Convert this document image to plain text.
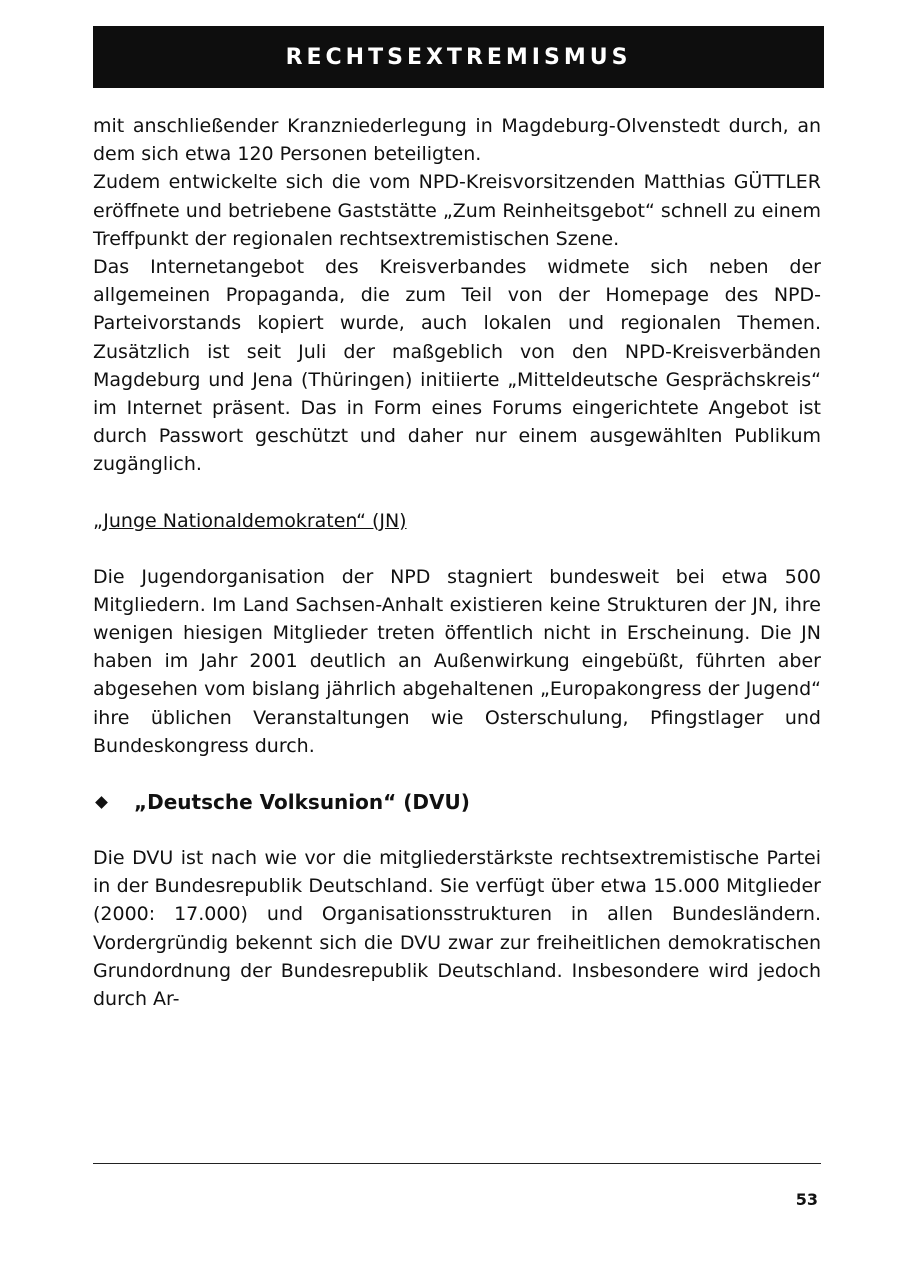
RECHTSEXTREMISMUS

mit anschließender Kranzniederlegung in Magdeburg-Olvenstedt durch, an dem sich etwa 120 Personen beteiligten.

Zudem entwickelte sich die vom NPD-Kreisvorsitzenden Matthias GÜTTLER eröffnete und betriebene Gaststätte „Zum Reinheitsgebot“ schnell zu einem Treffpunkt der regionalen rechtsextremistischen Szene.

Das Internetangebot des Kreisverbandes widmete sich neben der allgemeinen Propaganda, die zum Teil von der Homepage des NPD-Parteivorstands kopiert wurde, auch lokalen und regionalen Themen. Zusätzlich ist seit Juli der maßgeblich von den NPD-Kreisverbänden Magdeburg und Jena (Thüringen) initiierte „Mitteldeutsche Gesprächskreis“ im Internet präsent. Das in Form eines Forums eingerichtete Angebot ist durch Passwort geschützt und daher nur einem ausgewählten Publikum zugänglich.

„Junge Nationaldemokraten“ (JN)

Die Jugendorganisation der NPD stagniert bundesweit bei etwa 500 Mitgliedern. Im Land Sachsen-Anhalt existieren keine Strukturen der JN, ihre wenigen hiesigen Mitglieder treten öffentlich nicht in Erscheinung. Die JN haben im Jahr 2001 deutlich an Außenwirkung eingebüßt, führten aber abgesehen vom bislang jährlich abgehaltenen „Europakongress der Jugend“ ihre üblichen Veranstaltungen wie Osterschulung, Pfingstlager und Bundeskongress durch.

„Deutsche Volksunion“ (DVU)

Die DVU ist nach wie vor die mitgliederstärkste rechtsextremistische Partei in der Bundesrepublik Deutschland. Sie verfügt über etwa 15.000 Mitglieder (2000: 17.000) und Organisationsstrukturen in allen Bundesländern. Vordergründig bekennt sich die DVU zwar zur freiheitlichen demokratischen Grundordnung der Bundesrepublik Deutschland. Insbesondere wird jedoch durch Ar-

53
